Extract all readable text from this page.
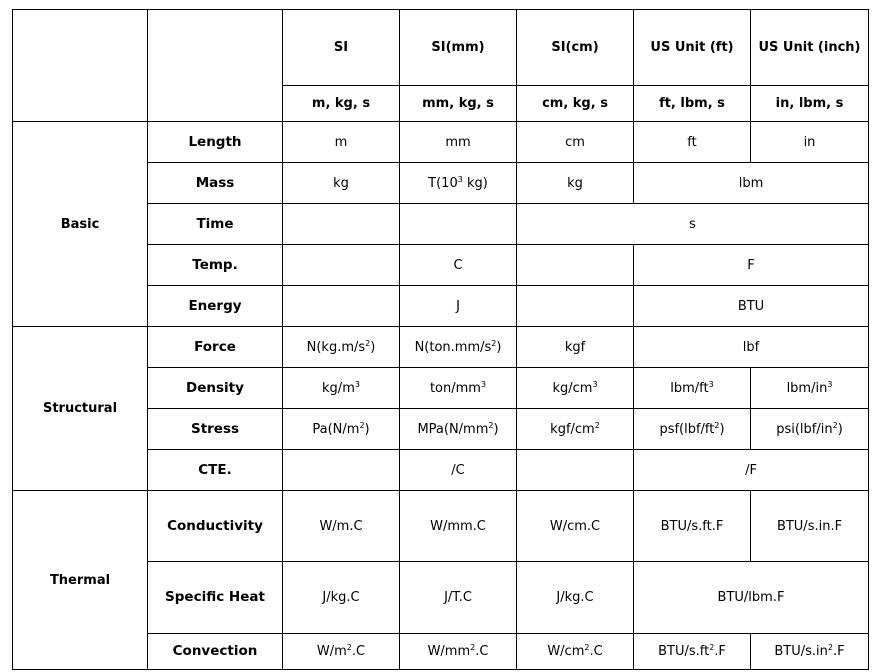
		SI	SI(mm)	SI(cm)	US Unit (ft)	US Unit (inch)
		m, kg, s	mm, kg, s	cm, kg, s	ft, lbm, s	in, lbm, s
Basic	Length	m	mm	cm	ft	in
	Mass	kg	$T(10^3$ kg)	kg	lbm	
	Time			s		
	Temp.		C		F	
	Energy		J		BTU	
Structural	Force	$N(kg.m/s^2)$	$N(ton.mm/s^2)$	kgf	lbf	
	Density	$kg/m^3$	ton/$mm^3$	$kg/cm^3$	lbm/$ft^3$	lbm/$in^3$
	Stress	$Pa(N/m^2)$	$MPa(N/mm^2)$	kgf/$cm^2$	$psf(lbf/ft^2)$	$psi(lbf/in^2)$
	CTE.		/C		/F	
Thermal	Conductivity	W/m.C	W/mm.C	W/cm.C	BTU/s.ft.F	BTU/s.in.F
	Specific Heat	J/kg.C	J/T.C	J/kg.C	BTU/lbm.F	
	Convection	$W/m^2.C$	$W/mm^2.C$	$W/cm^2.C$	BTU/$s.ft^2.F$	BTU/$s.in^2.F$
